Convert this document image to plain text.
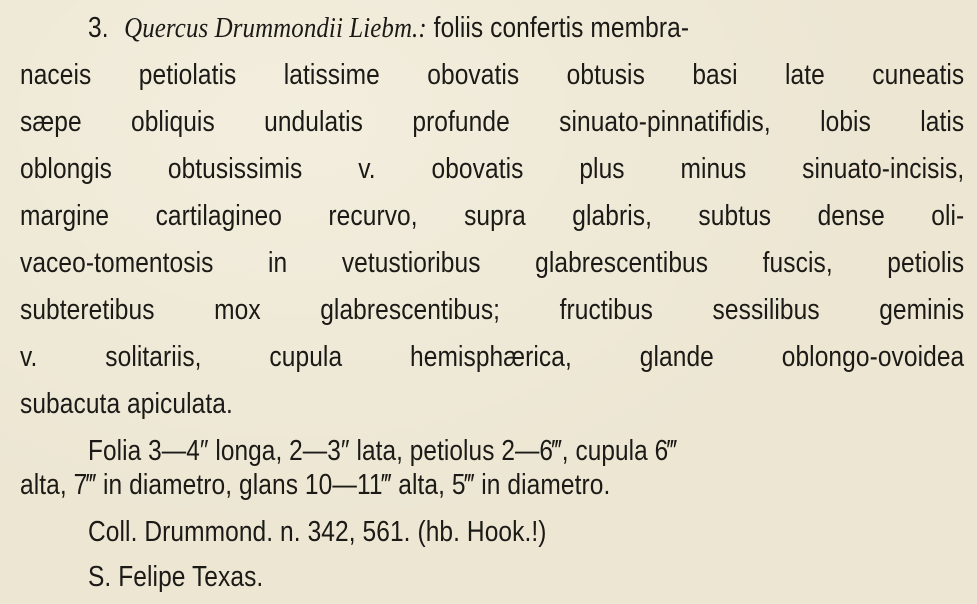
3. Quercus Drummondii Liebm.: foliis confertis membra-
naceis petiolatis latissime obovatis obtusis basi late cuneatis
sæpe obliquis undulatis profunde sinuato-pinnatifidis, lobis latis
oblongis obtusissimis v. obovatis plus minus sinuato-incisis,
margine cartilagineo recurvo, supra glabris, subtus dense oli-
vaceo-tomentosis in vetustioribus glabrescentibus fuscis, petiolis
subteretibus mox glabrescentibus; fructibus sessilibus geminis
v. solitariis, cupula hemisphærica, glande oblongo-ovoidea
subacuta apiculata.
Folia 3—4″ longa, 2—3″ lata, petiolus 2—6‴, cupula 6‴
alta, 7‴ in diametro, glans 10—11‴ alta, 5‴ in diametro.
Coll. Drummond. n. 342, 561. (hb. Hook.!)
S. Felipe Texas.
